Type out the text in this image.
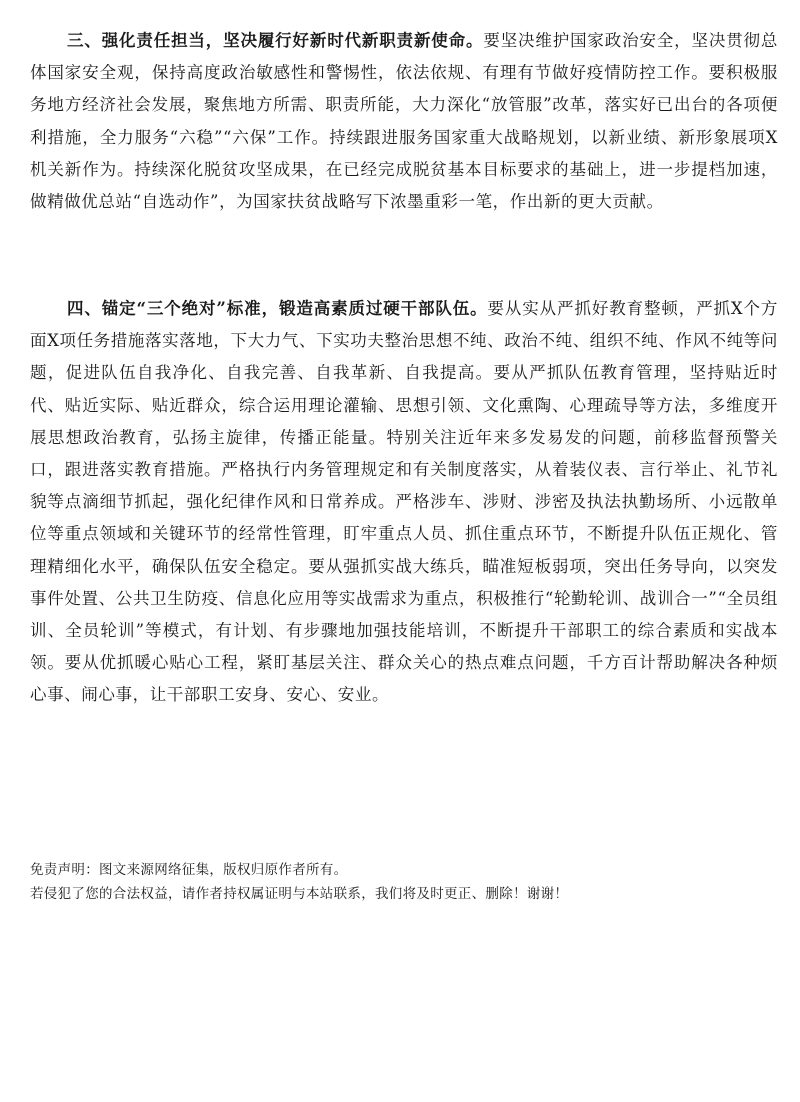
三、强化责任担当，坚决履行好新时代新职责新使命。要坚决维护国家政治安全，坚决贯彻总体国家安全观，保持高度政治敏感性和警惕性，依法依规、有理有节做好疫情防控工作。要积极服务地方经济社会发展，聚焦地方所需、职责所能，大力深化“放管服”改革，落实好已出台的各项便利措施，全力服务“六稳”“六保”工作。持续跟进服务国家重大战略规划，以新业绩、新形象展项X机关新作为。持续深化脱贫攻坚成果，在已经完成脱贫基本目标要求的基础上，进一步提档加速，做精做优总站“自选动作”，为国家扶贫战略写下浓墨重彩一笔，作出新的更大贡献。

四、锚定“三个绝对”标准，锻造高素质过硬干部队伍。要从实从严抓好教育整顿，严抓X个方面X项任务措施落实落地，下大力气、下实功夫整治思想不纯、政治不纯、组织不纯、作风不纯等问题，促进队伍自我净化、自我完善、自我革新、自我提高。要从严抓队伍教育管理，坚持贴近时代、贴近实际、贴近群众，综合运用理论灌输、思想引领、文化熏陶、心理疏导等方法，多维度开展思想政治教育，弘扬主旋律，传播正能量。特别关注近年来多发易发的问题，前移监督预警关口，跟进落实教育措施。严格执行内务管理规定和有关制度落实，从着装仪表、言行举止、礼节礼貌等点滴细节抓起，强化纪律作风和日常养成。严格涉车、涉财、涉密及执法执勤场所、小远散单位等重点领域和关键环节的经常性管理，盯牢重点人员、抓住重点环节，不断提升队伍正规化、管理精细化水平，确保队伍安全稳定。要从强抓实战大练兵，瞄准短板弱项，突出任务导向，以突发事件处置、公共卫生防疫、信息化应用等实战需求为重点，积极推行“轮勤轮训、战训合一”“全员组训、全员轮训”等模式，有计划、有步骤地加强技能培训，不断提升干部职工的综合素质和实战本领。要从优抓暖心贴心工程，紧盯基层关注、群众关心的热点难点问题，千方百计帮助解决各种烦心事、闹心事，让干部职工安身、安心、安业。

免责声明：图文来源网络征集，版权归原作者所有。
若侵犯了您的合法权益，请作者持权属证明与本站联系，我们将及时更正、删除！谢谢！
